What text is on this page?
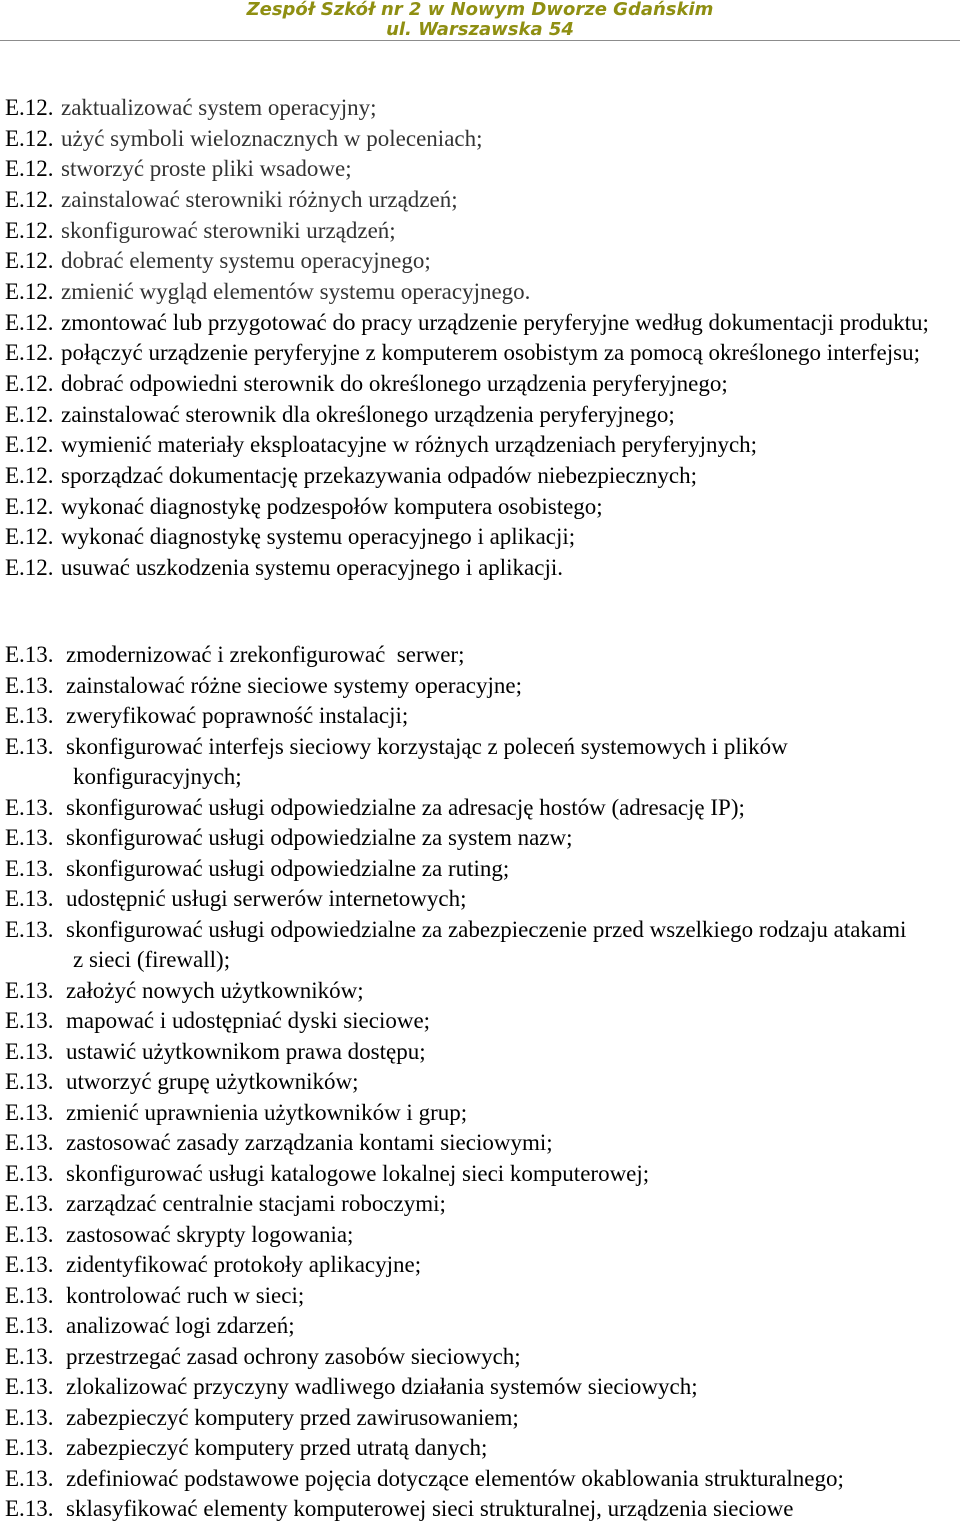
Zespół Szkół nr 2 w Nowym Dworze Gdańskim
ul. Warszawska 54
E.12. zaktualizować system operacyjny;
E.12. użyć symboli wieloznacznych w poleceniach;
E.12. stworzyć proste pliki wsadowe;
E.12. zainstalować sterowniki różnych urządzeń;
E.12. skonfigurować sterowniki urządzeń;
E.12. dobrać elementy systemu operacyjnego;
E.12. zmienić wygląd elementów systemu operacyjnego.
E.12. zmontować lub przygotować do pracy urządzenie peryferyjne według dokumentacji produktu;
E.12. połączyć urządzenie peryferyjne z komputerem osobistym za pomocą określonego interfejsu;
E.12. dobrać odpowiedni sterownik do określonego urządzenia peryferyjnego;
E.12. zainstalować sterownik dla określonego urządzenia peryferyjnego;
E.12. wymienić materiały eksploatacyjne w różnych urządzeniach peryferyjnych;
E.12. sporządzać dokumentację przekazywania odpadów niebezpiecznych;
E.12. wykonać diagnostykę podzespołów komputera osobistego;
E.12. wykonać diagnostykę systemu operacyjnego i aplikacji;
E.12. usuwać uszkodzenia systemu operacyjnego i aplikacji.
E.13. zmodernizować i zrekonfigurować  serwer;
E.13. zainstalować różne sieciowe systemy operacyjne;
E.13. zweryfikować poprawność instalacji;
E.13. skonfigurować interfejs sieciowy korzystając z poleceń systemowych i plików
konfiguracyjnych;
E.13. skonfigurować usługi odpowiedzialne za adresację hostów (adresację IP);
E.13. skonfigurować usługi odpowiedzialne za system nazw;
E.13. skonfigurować usługi odpowiedzialne za ruting;
E.13. udostępnić usługi serwerów internetowych;
E.13. skonfigurować usługi odpowiedzialne za zabezpieczenie przed wszelkiego rodzaju atakami
z sieci (firewall);
E.13. założyć nowych użytkowników;
E.13. mapować i udostępniać dyski sieciowe;
E.13. ustawić użytkownikom prawa dostępu;
E.13. utworzyć grupę użytkowników;
E.13. zmienić uprawnienia użytkowników i grup;
E.13. zastosować zasady zarządzania kontami sieciowymi;
E.13. skonfigurować usługi katalogowe lokalnej sieci komputerowej;
E.13. zarządzać centralnie stacjami roboczymi;
E.13. zastosować skrypty logowania;
E.13. zidentyfikować protokoły aplikacyjne;
E.13. kontrolować ruch w sieci;
E.13. analizować logi zdarzeń;
E.13. przestrzegać zasad ochrony zasobów sieciowych;
E.13. zlokalizować przyczyny wadliwego działania systemów sieciowych;
E.13. zabezpieczyć komputery przed zawirusowaniem;
E.13. zabezpieczyć komputery przed utratą danych;
E.13. zdefiniować podstawowe pojęcia dotyczące elementów okablowania strukturalnego;
E.13. sklasyfikować elementy komputerowej sieci strukturalnej, urządzenia sieciowe
